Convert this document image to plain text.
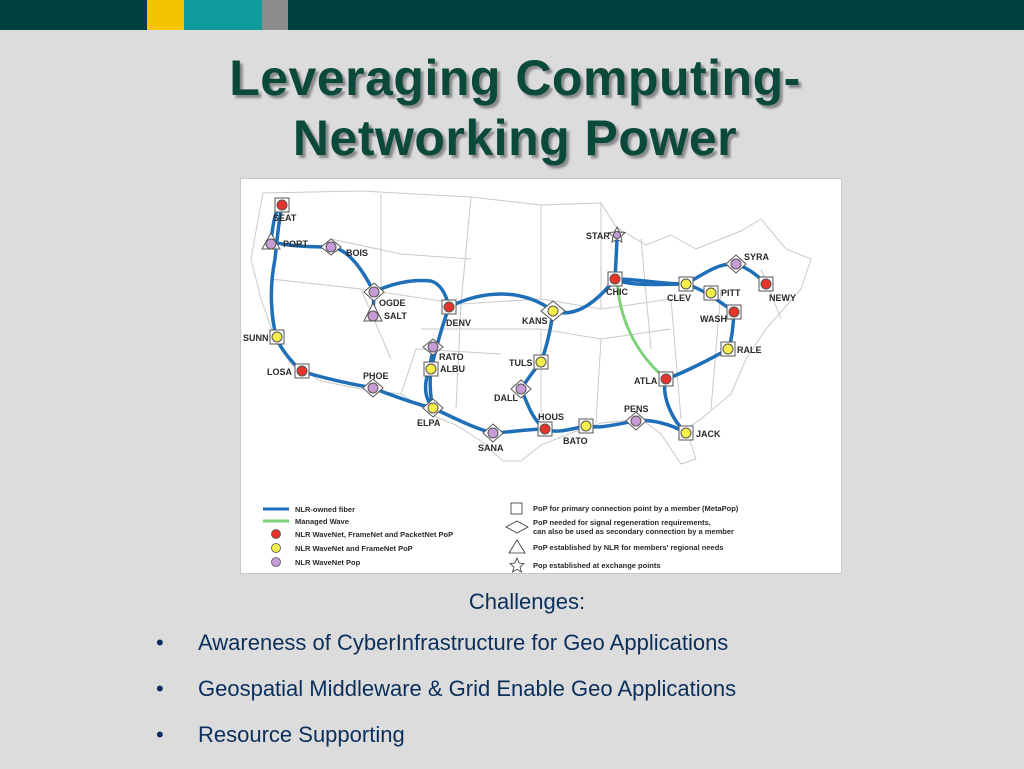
Leveraging Computing-
Networking Power
SEAT
PORT
BOIS
OGDE
SALT
SUNN
LOSA	PHOE
DENV
RATO
ALBU
ELPA
SANA
HOUS
BATO
PENS
JACK
ATLA
RALE
WASH
PITT
CLEV
CHIC
STAR
SYRA
NEWY
KANS
TULS
DALL
NLR-owned fiber
Managed Wave
NLR WaveNet, FrameNet and PacketNet PoP
NLR WaveNet and FrameNet PoP
NLR WaveNet Pop
PoP for primary connection point by a member (MetaPop)
PoP needed for signal regeneration requirements,
can also be used as secondary connection by a member
PoP established by NLR for members' regional needs
Pop established at exchange points
Challenges:
• Awareness of CyberInfrastructure for Geo Applications
• Geospatial Middleware & Grid Enable Geo Applications
• Resource Supporting
